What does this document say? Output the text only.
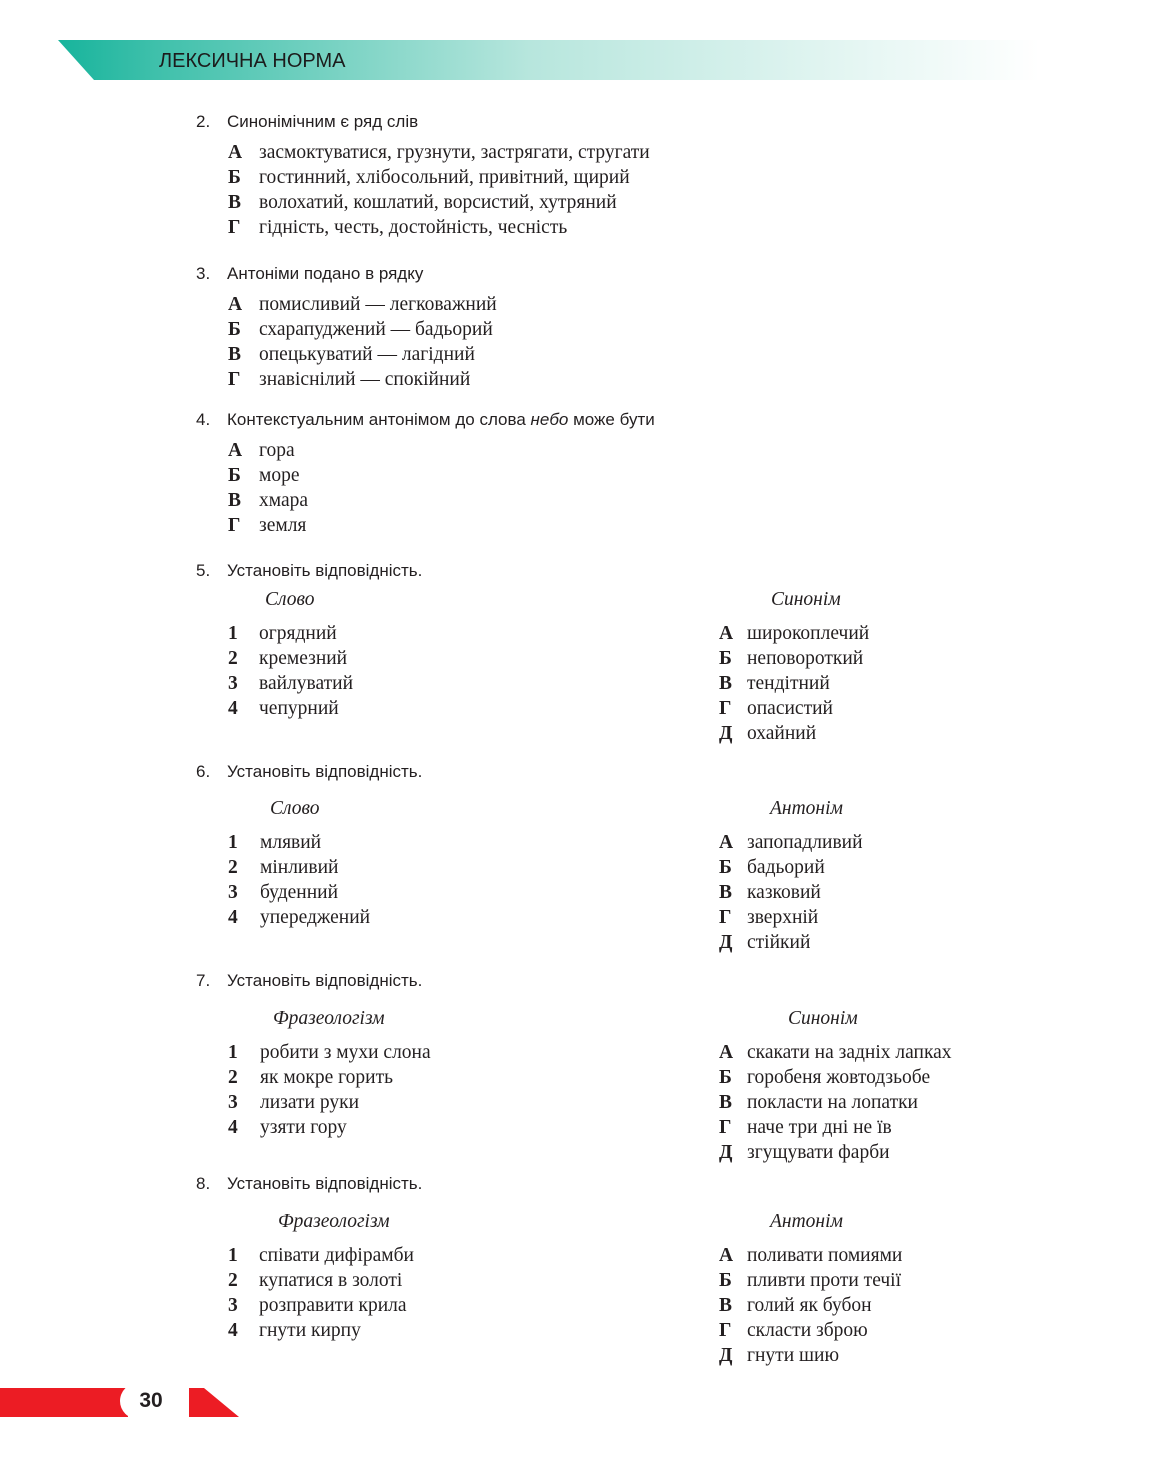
ЛЕКСИЧНА НОРМА
2. Синонімічним є ряд слів
А засмоктуватися, грузнути, застрягати, стругати
Б гостинний, хлібосольний, привітний, щирий
В волохатий, кошлатий, ворсистий, хутряний
Г гідність, честь, достойність, чесність
3. Антоніми подано в рядку
А помисливий — легковажний
Б схарапуджений — бадьорий
В опецькуватий — лагідний
Г знавіснілий — спокійний
4. Контекстуальним антонімом до слова небо може бути
А гора
Б море
В хмара
Г земля
5. Установіть відповідність.
Слово	Синонім
1 огрядний
2 кремезний
3 вайлуватий
4 чепурний
А широкоплечий
Б неповороткий
В тендітний
Г опасистий
Д охайний
6. Установіть відповідність.
Слово	Антонім
1 млявий
2 мінливий
3 буденний
4 упереджений
А запопадливий
Б бадьорий
В казковий
Г зверхній
Д стійкий
7. Установіть відповідність.
Фразеологізм	Синонім
1 робити з мухи слона
2 як мокре горить
3 лизати руки
4 узяти гору
А скакати на задніх лапках
Б горобеня жовтодзьобе
В покласти на лопатки
Г наче три дні не їв
Д згущувати фарби
8. Установіть відповідність.
Фразеологізм	Антонім
1 співати дифірамби
2 купатися в золоті
3 розправити крила
4 гнути кирпу
А поливати помиями
Б пливти проти течії
В голий як бубон
Г скласти зброю
Д гнути шию
30
